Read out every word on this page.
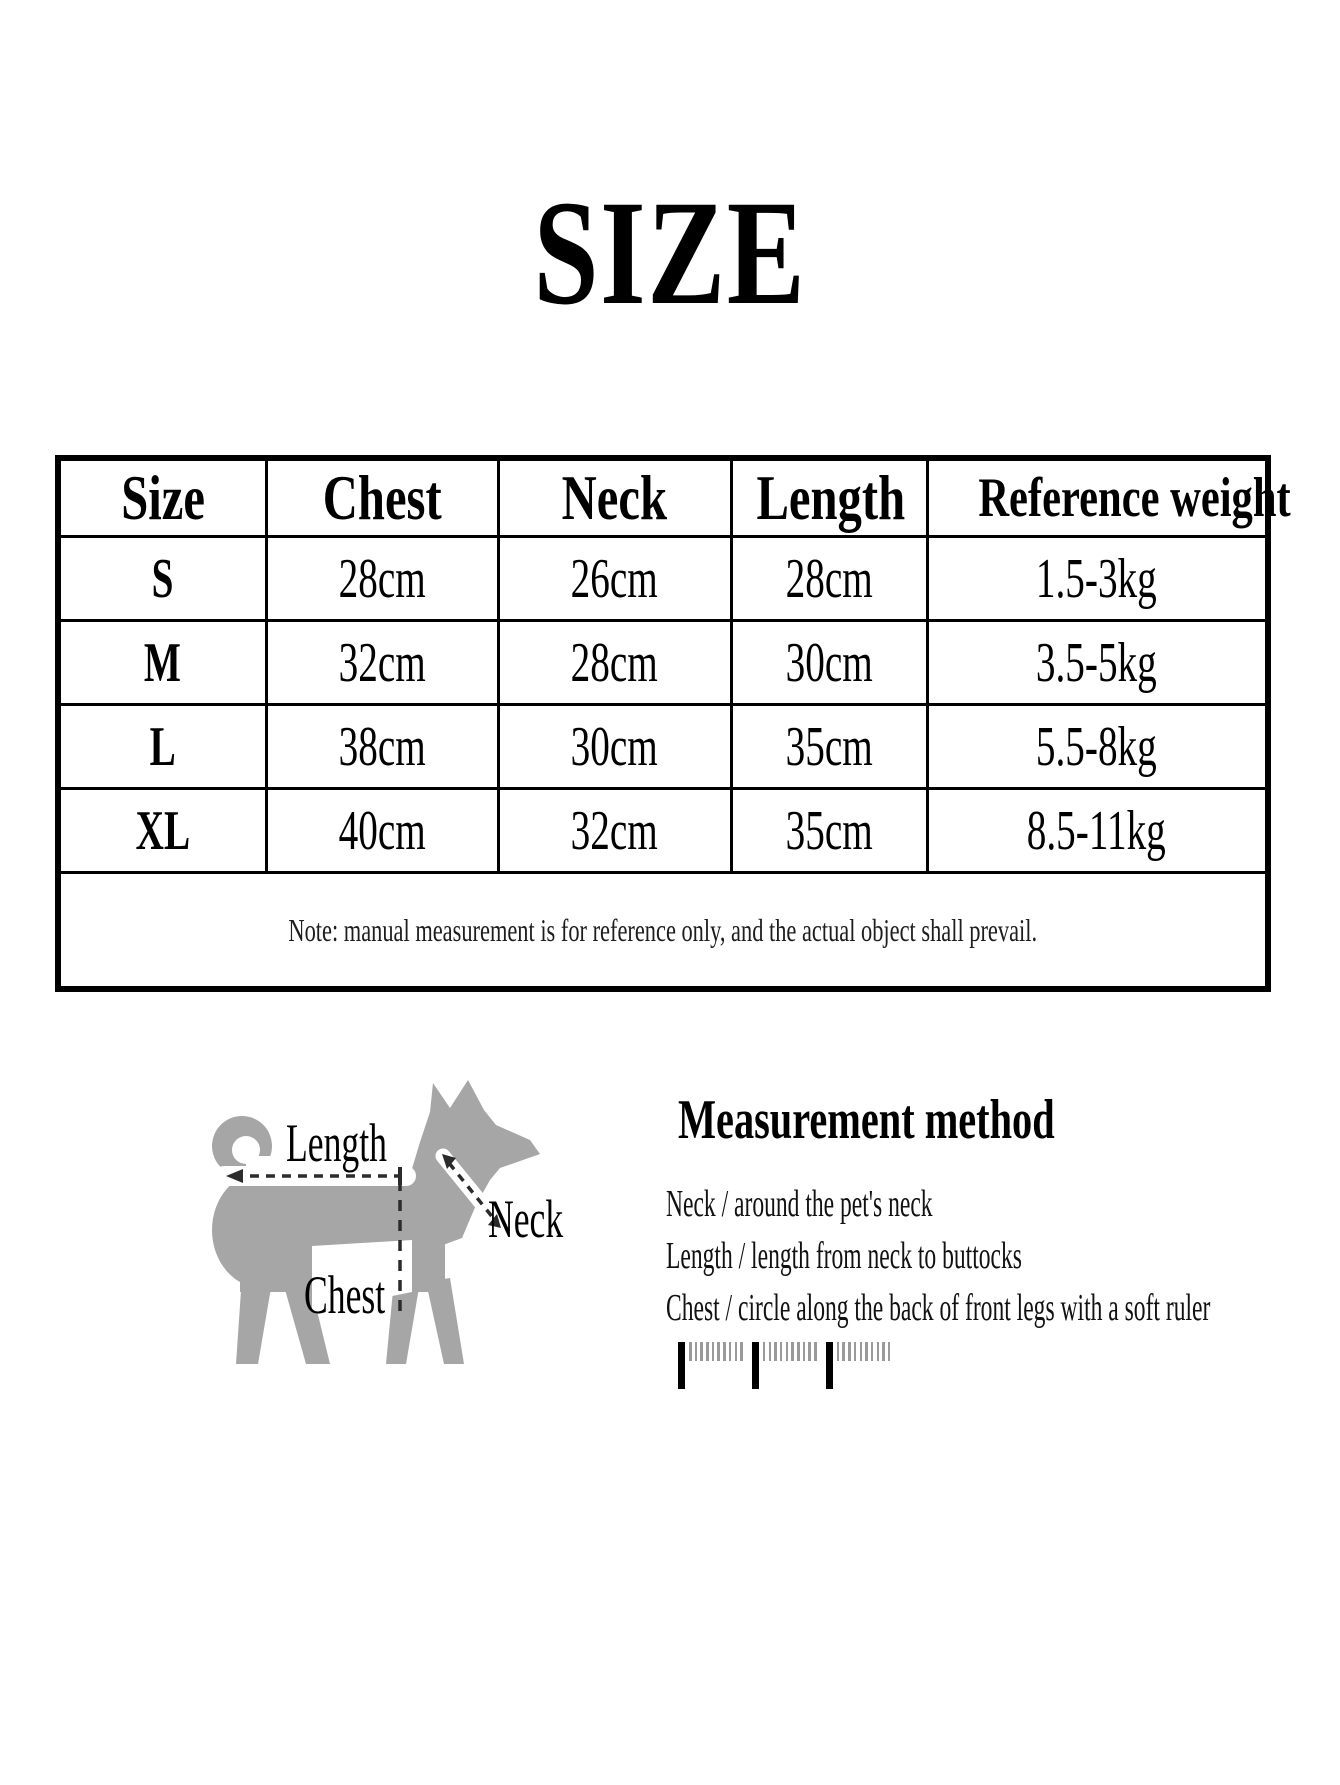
SIZE
Size	Chest	Neck	Length	Reference weight
S	28cm	26cm	28cm	1.5-3kg
M	32cm	28cm	30cm	3.5-5kg
L	38cm	30cm	35cm	5.5-8kg
XL	40cm	32cm	35cm	8.5-11kg
Note: manual measurement is for reference only, and the actual object shall prevail.				
Length
Neck
Chest
Measurement method
Neck / around the pet's neck
Length / length from neck to buttocks
Chest / circle along the back of front legs with a soft ruler
